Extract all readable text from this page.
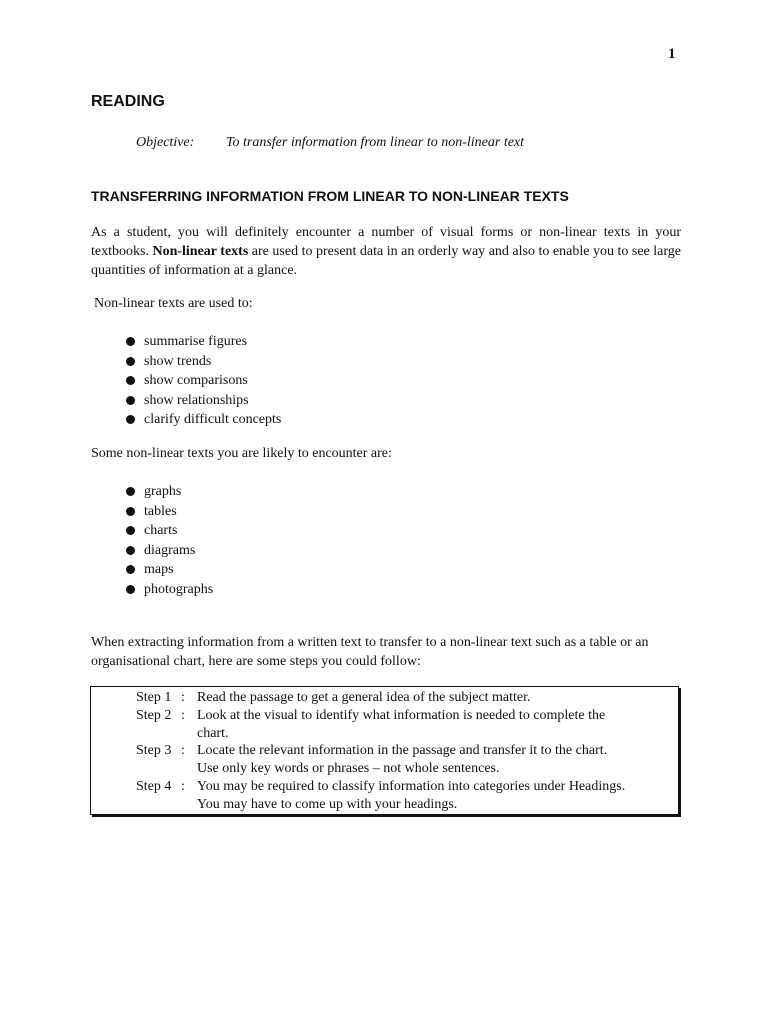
1
READING
Objective: To transfer information from linear to non-linear text
TRANSFERRING INFORMATION FROM LINEAR TO NON-LINEAR TEXTS
As a student, you will definitely encounter a number of visual forms or non-linear texts in your textbooks. Non-linear texts are used to present data in an orderly way and also to enable you to see large quantities of information at a glance.
Non-linear texts are used to:
summarise figures
show trends
show comparisons
show relationships
clarify difficult concepts
Some non-linear texts you are likely to encounter are:
graphs
tables
charts
diagrams
maps
photographs
When extracting information from a written text to transfer to a non-linear text such as a table or an organisational chart, here are some steps you could follow:
Step 1 : Read the passage to get a general idea of the subject matter.
Step 2 : Look at the visual to identify what information is needed to complete the chart.
Step 3 : Locate the relevant information in the passage and transfer it to the chart. Use only key words or phrases – not whole sentences.
Step 4 : You may be required to classify information into categories under Headings. You may have to come up with your headings.
